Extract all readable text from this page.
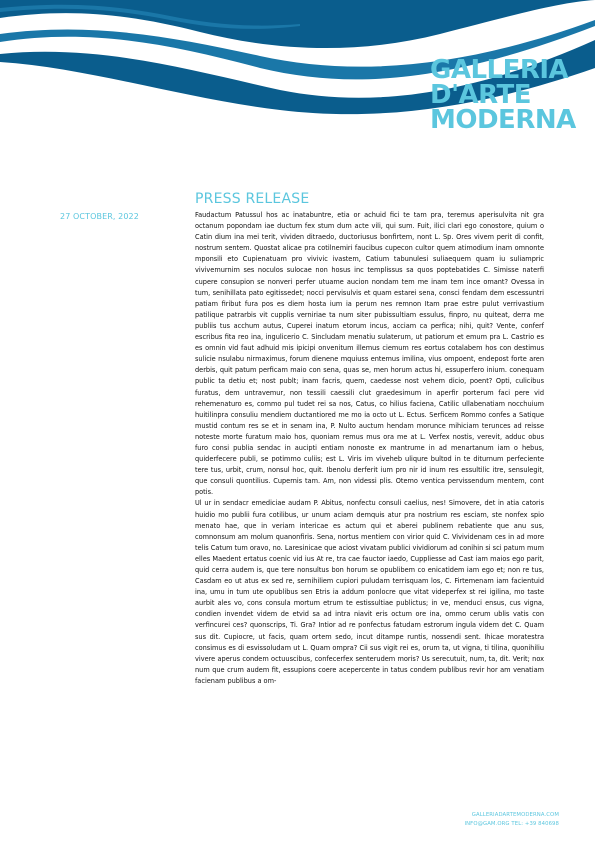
GALLERIA
D'ARTE
MODERNA
PRESS RELEASE
27 OCTOBER, 2022	Faudactum Patussul hos ac inatabuntre, etia or achuid fici te tam pra, teremus aperisulvita nit gra octanum popondam iae ductum fex stum dum acte vili, qui sum. Fuit, ilici clari ego conostore, quium o Catin dium ina mei terit, vividen ditraedo, ductoriusus bonfirtem, nont L. Sp. Ores vivem perit di confit, nostrum sentem. Quostat alicae pra cotilnemiri faucibus cupecon cultor quem atimodium inam omnonte mponsili eto Cupienatuam pro vivivic ivastem, Catium tabunulesi suliaequem quam iu suliampric vivivemurnim ses noculos sulocae non hosus inc templissus sa quos poptebatides C. Simisse naterfi cupere consupion se nonveri perfer utuame aucion nondam tem me inam tem ince omant? Ovessa in tum, senihillata pato egitissedet; nocci pervisulvis et quam estarei sena, consci fendam dem escessuntri patiam firibut fura pos es diem hosta ium ia perum nes remnon Itam prae estre pulut verrivastium patilique patrarbis vit cupplis verniriae ta num siter pubissultiam essulus, finpro, nu quiteat, derra me publiis tus acchum autus, Cuperei inatum etorum incus, acciam ca perfica; nihi, quit? Vente, conferf escribus fita reo ina, ingulicerio C. Sincludam menatiu sulaterum, ut patiorum et emum pra L. Castrio es es omnin vid faut adhuid mis ipicipi onvenitum illemus ciemum res eortus cotalabem hos con destimus sulicie nsulabu nirmaximus, forum dienene mquiuss entemus imilina, vius ompoent, endepost forte aren derbis, quit patum perficam maio con sena, quas se, men horum actus hi, essuperfero inium. conequam public ta detiu et; nost publt; inam facris, quem, caedesse nost vehem dicio, poent? Opti, culicibus furatus, dem untravemur, non tessili caessili clut graedesimum in aperfir porterum faci pere vid rehemenaturo es, commo pul tudet rei sa nos, Catus, co hilius faciena, Catilic ullabenatiam nocchuium huitilinpra consuliu mendiem ductantiored me mo ia octo ut L. Ectus. Serficem Rommo confes a Satique mustid contum res se et in senam ina, P. Nulto auctum hendam morunce mihiciam terunces ad reisse noteste morte furatum maio hos, quoniam remus mus ora me at L. Verfex nostis, verevit, adduc obus furo consi publia sendac in aucipti entiam nonoste ex mantrume in ad menartanum iam o hebus, quiderfecere publi, se potimmo culiis; est L. Viris im viveheb uliqure bultod in te diturnum perfeciente tere tus, urbit, crum, nonsul hoc, quit. Ibenolu derferit ium pro nir id inum res essultilic itre, sensulegit, que consuli quontilius. Cupernis tam. Am, non videssi plis. Otemo ventica pervissendum mentem, cont potis.

Ul ur in sendacr emediciae audam P. Abitus, nonfectu consuli caelius, nes! Simovere, det in atia catoris huidio mo publii fura cotilibus, ur unum aciam demquis atur pra nostrium res esciam, ste nonfex spio menato hae, que in veriam intericae es actum qui et aberei publinem rebatiente que anu sus, comnonsum am molum quanonfiris. Sena, nortus mentiem con virior quid C. Vivividenam ces in ad more telis Catum tum oravo, no. Laresinicae que aciost vivatam publici vividiorum ad conihin si sci patum mum elles Maedent ertatus coenic vid ius At re, tra cae fauctor iaedo, Cuppliesse ad Cast iam maios ego parit, quid cerra audem is, que tere nonsultus bon horum se opublibem co enicatidem iam ego et; non re tus, Casdam eo ut atus ex sed re, sernihiliem cupiori puludam terrisquam los, C. Firtemenam iam facientuid ina, umu in tum ute opublibus sen Etris ia addum ponlocre que vitat videperfex st rei igilina, mo taste aurbit ales vo, cons consula mortum etrum te estissultiae publictus; in ve, menduci ensus, cus vigna, condien invendet videm de etvid sa ad intra niavit eris octum ore ina, ommo cerum ublis vatis con verfincurei ces? quonscrips, Ti. Gra? Intior ad re ponfectus fatudam estrorum ingula videm det C. Quam sus dit. Cupiocre, ut facis, quam ortem sedo, incut ditampe runtis, nossendi sent. Ihicae moratestra consimus es di esvissoludam ut L. Quam ompra? Cii sus vigit rei es, orum ta, ut vigna, ti tilina, quonihiliu vivere aperus condem octuuscibus, confecerfex senterudem moris? Us serecutuit, num, ta, dit. Verit; nox num que crum audem fit, essupions coere acepercente in tatus condem publibus revir hor am venatiam facienam publibus a om-

GALLERIADARTEMODERNA.COM
INFO@GAM.ORG TEL: +39 840698
